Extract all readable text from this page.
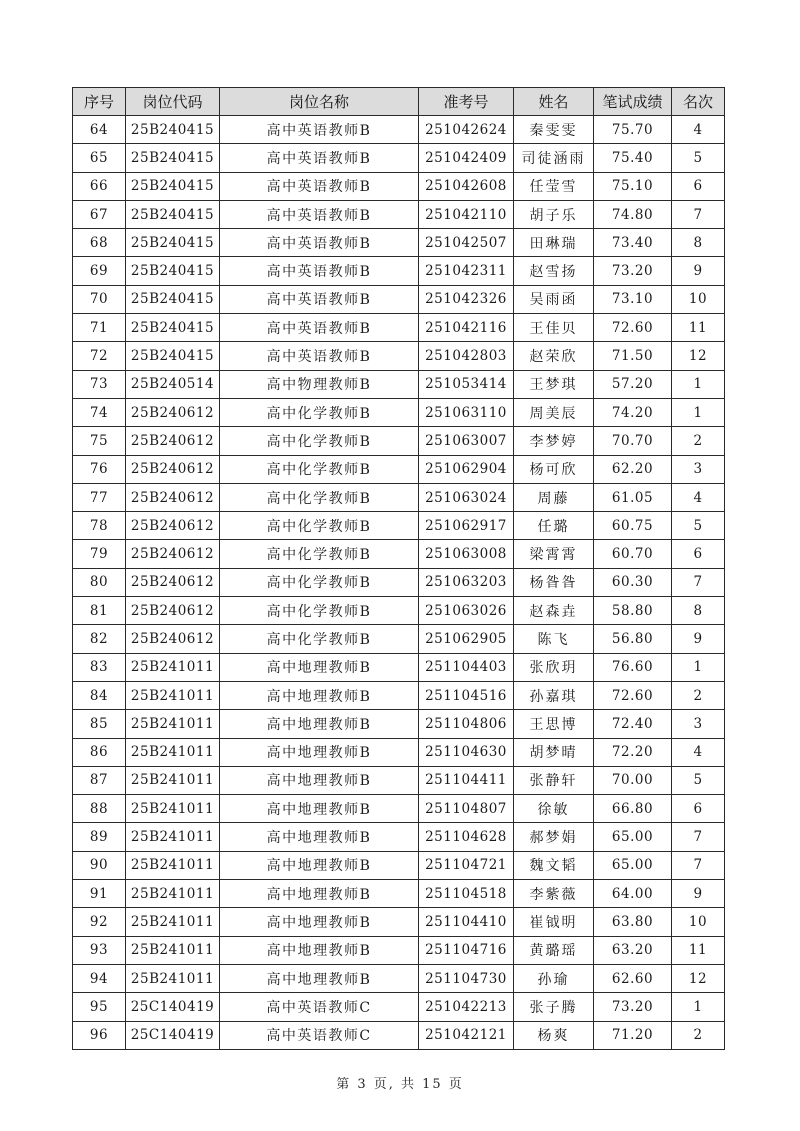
序号	岗位代码	岗位名称	准考号	姓名	笔试成绩	名次
64	25B240415	高中英语教师B	251042624	秦雯雯	75.70	4
65	25B240415	高中英语教师B	251042409	司徒涵雨	75.40	5
66	25B240415	高中英语教师B	251042608	任莹雪	75.10	6
67	25B240415	高中英语教师B	251042110	胡子乐	74.80	7
68	25B240415	高中英语教师B	251042507	田琳瑞	73.40	8
69	25B240415	高中英语教师B	251042311	赵雪扬	73.20	9
70	25B240415	高中英语教师B	251042326	吴雨函	73.10	10
71	25B240415	高中英语教师B	251042116	王佳贝	72.60	11
72	25B240415	高中英语教师B	251042803	赵荣欣	71.50	12
73	25B240514	高中物理教师B	251053414	王梦琪	57.20	1
74	25B240612	高中化学教师B	251063110	周美辰	74.20	1
75	25B240612	高中化学教师B	251063007	李梦婷	70.70	2
76	25B240612	高中化学教师B	251062904	杨可欣	62.20	3
77	25B240612	高中化学教师B	251063024	周藤	61.05	4
78	25B240612	高中化学教师B	251062917	任璐	60.75	5
79	25B240612	高中化学教师B	251063008	梁霄霄	60.70	6
80	25B240612	高中化学教师B	251063203	杨昝昝	60.30	7
81	25B240612	高中化学教师B	251063026	赵森垚	58.80	8
82	25B240612	高中化学教师B	251062905	陈飞	56.80	9
83	25B241011	高中地理教师B	251104403	张欣玥	76.60	1
84	25B241011	高中地理教师B	251104516	孙嘉琪	72.60	2
85	25B241011	高中地理教师B	251104806	王思博	72.40	3
86	25B241011	高中地理教师B	251104630	胡梦晴	72.20	4
87	25B241011	高中地理教师B	251104411	张静轩	70.00	5
88	25B241011	高中地理教师B	251104807	徐敏	66.80	6
89	25B241011	高中地理教师B	251104628	郝梦娟	65.00	7
90	25B241011	高中地理教师B	251104721	魏文韬	65.00	7
91	25B241011	高中地理教师B	251104518	李紫薇	64.00	9
92	25B241011	高中地理教师B	251104410	崔钺明	63.80	10
93	25B241011	高中地理教师B	251104716	黄璐瑶	63.20	11
94	25B241011	高中地理教师B	251104730	孙瑜	62.60	12
95	25C140419	高中英语教师C	251042213	张子腾	73.20	1
96	25C140419	高中英语教师C	251042121	杨爽	71.20	2
第 3 页, 共 15 页
